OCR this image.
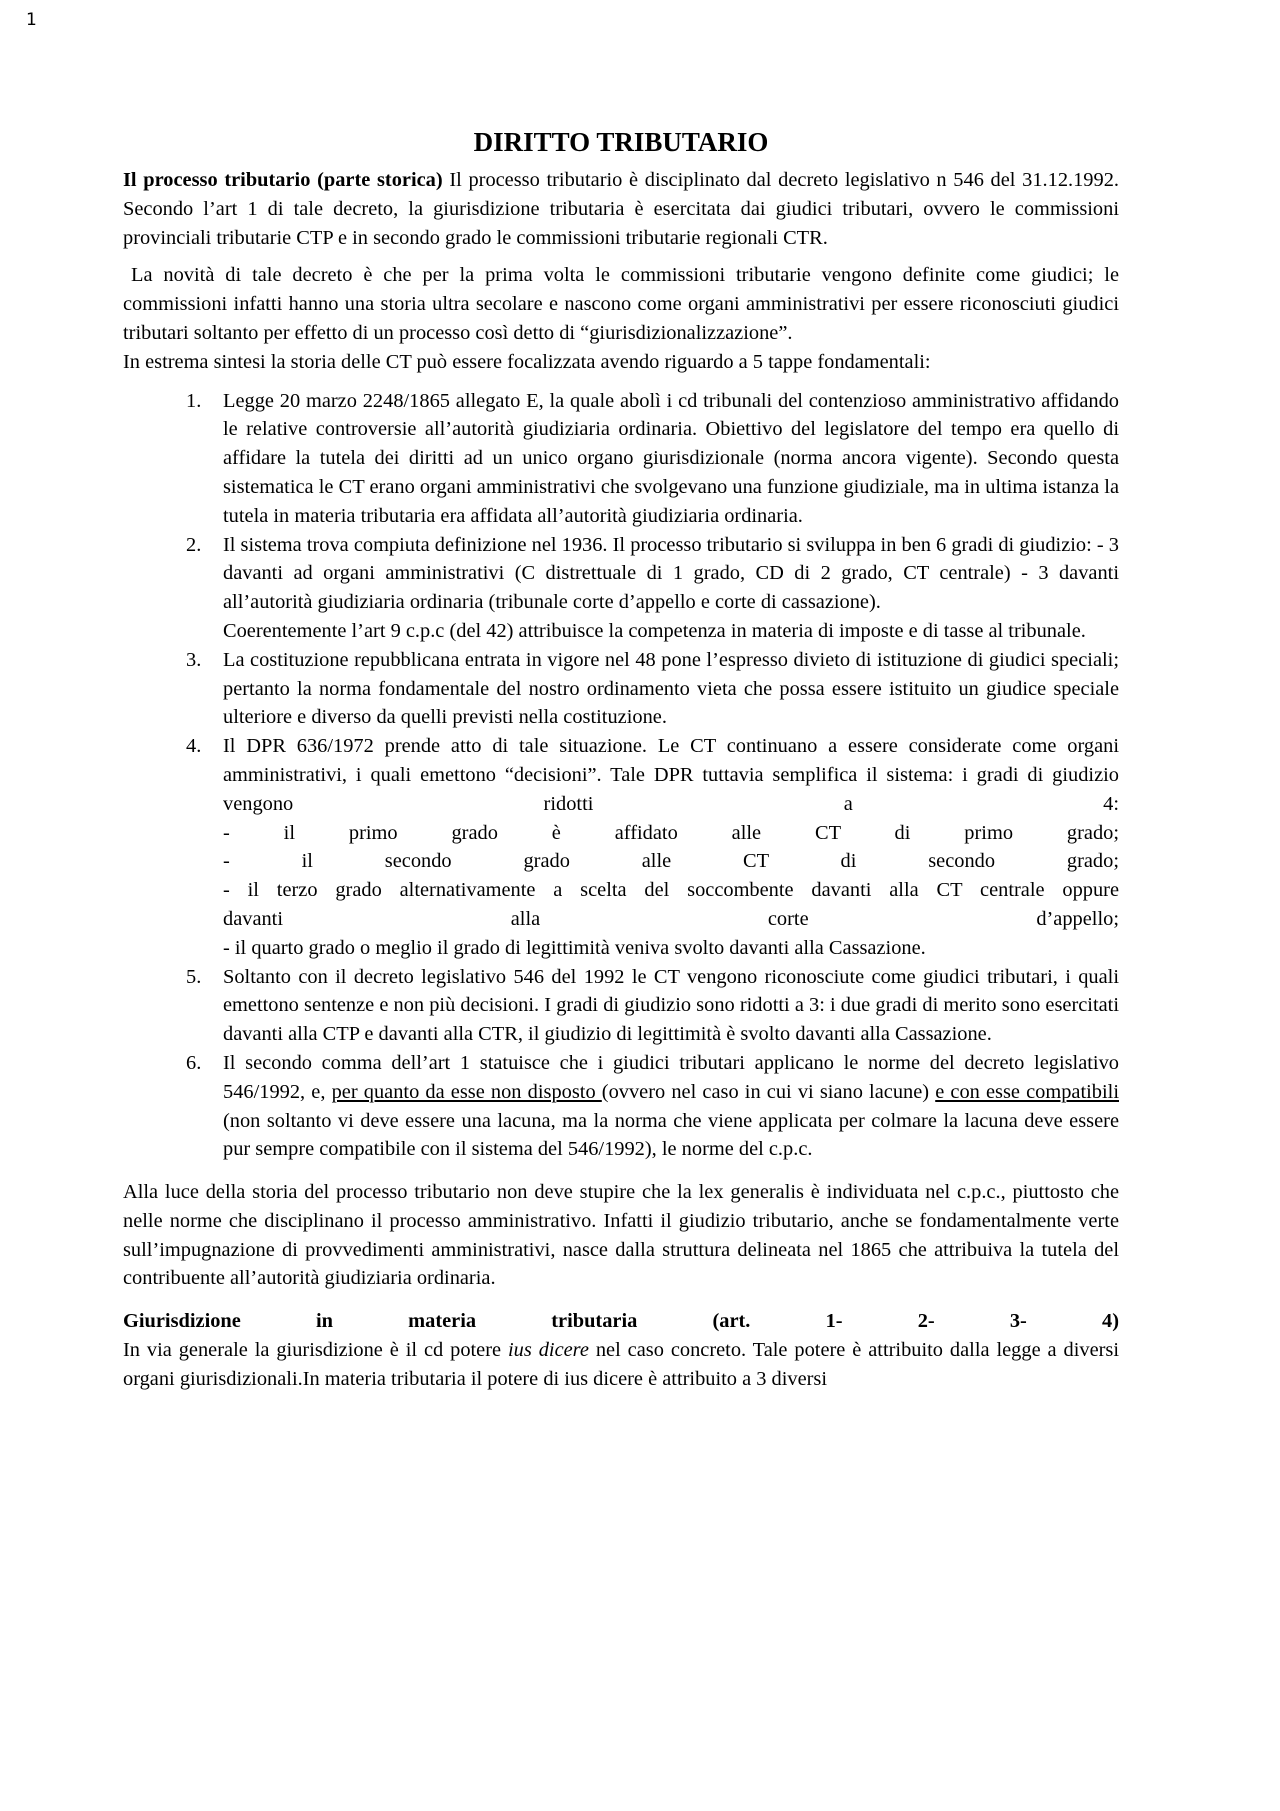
1
DIRITTO TRIBUTARIO

Il processo tributario (parte storica) Il processo tributario è disciplinato dal decreto legislativo n 546 del 31.12.1992. Secondo l’art 1 di tale decreto, la giurisdizione tributaria è esercitata dai giudici tributari, ovvero le commissioni provinciali tributarie CTP e in secondo grado le commissioni tributarie regionali CTR.

La novità di tale decreto è che per la prima volta le commissioni tributarie vengono definite come giudici; le commissioni infatti hanno una storia ultra secolare e nascono come organi amministrativi per essere riconosciuti giudici tributari soltanto per effetto di un processo così detto di “giurisdizionalizzazione”.

In estrema sintesi la storia delle CT può essere focalizzata avendo riguardo a 5 tappe fondamentali:

1. Legge 20 marzo 2248/1865 allegato E, la quale abolì i cd tribunali del contenzioso amministrativo affidando le relative controversie all’autorità giudiziaria ordinaria. Obiettivo del legislatore del tempo era quello di affidare la tutela dei diritti ad un unico organo giurisdizionale (norma ancora vigente). Secondo questa sistematica le CT erano organi amministrativi che svolgevano una funzione giudiziale, ma in ultima istanza la tutela in materia tributaria era affidata all’autorità giudiziaria ordinaria.
2. Il sistema trova compiuta definizione nel 1936. Il processo tributario si sviluppa in ben 6 gradi di giudizio: - 3 davanti ad organi amministrativi (C distrettuale di 1 grado, CD di 2 grado, CT centrale) - 3 davanti all’autorità giudiziaria ordinaria (tribunale corte d’appello e corte di cassazione).
Coerentemente l’art 9 c.p.c (del 42) attribuisce la competenza in materia di imposte e di tasse al tribunale.
3. La costituzione repubblicana entrata in vigore nel 48 pone l’espresso divieto di istituzione di giudici speciali; pertanto la norma fondamentale del nostro ordinamento vieta che possa essere istituito un giudice speciale ulteriore e diverso da quelli previsti nella costituzione.
4. Il DPR 636/1972 prende atto di tale situazione. Le CT continuano a essere considerate come organi amministrativi, i quali emettono “decisioni”. Tale DPR tuttavia semplifica il sistema: i gradi di giudizio vengono ridotti a 4:
- il primo grado è affidato alle CT di primo grado;
- il secondo grado alle CT di secondo grado;
- il terzo grado alternativamente a scelta del soccombente davanti alla CT centrale oppure
davanti alla corte d’appello;
- il quarto grado o meglio il grado di legittimità veniva svolto davanti alla Cassazione.
5. Soltanto con il decreto legislativo 546 del 1992 le CT vengono riconosciute come giudici tributari, i quali emettono sentenze e non più decisioni. I gradi di giudizio sono ridotti a 3: i due gradi di merito sono esercitati davanti alla CTP e davanti alla CTR, il giudizio di legittimità è svolto davanti alla Cassazione.
6. Il secondo comma dell’art 1 statuisce che i giudici tributari applicano le norme del decreto legislativo 546/1992, e, per quanto da esse non disposto (ovvero nel caso in cui vi siano lacune) e con esse compatibili (non soltanto vi deve essere una lacuna, ma la norma che viene applicata per colmare la lacuna deve essere pur sempre compatibile con il sistema del 546/1992), le norme del c.p.c.

Alla luce della storia del processo tributario non deve stupire che la lex generalis è individuata nel c.p.c., piuttosto che nelle norme che disciplinano il processo amministrativo. Infatti il giudizio tributario, anche se fondamentalmente verte sull’impugnazione di provvedimenti amministrativi, nasce dalla struttura delineata nel 1865 che attribuiva la tutela del contribuente all’autorità giudiziaria ordinaria.

Giurisdizione in materia tributaria (art. 1- 2- 3- 4)

In via generale la giurisdizione è il cd potere ius dicere nel caso concreto. Tale potere è attribuito dalla legge a diversi organi giurisdizionali.In materia tributaria il potere di ius dicere è attribuito a 3 diversi
